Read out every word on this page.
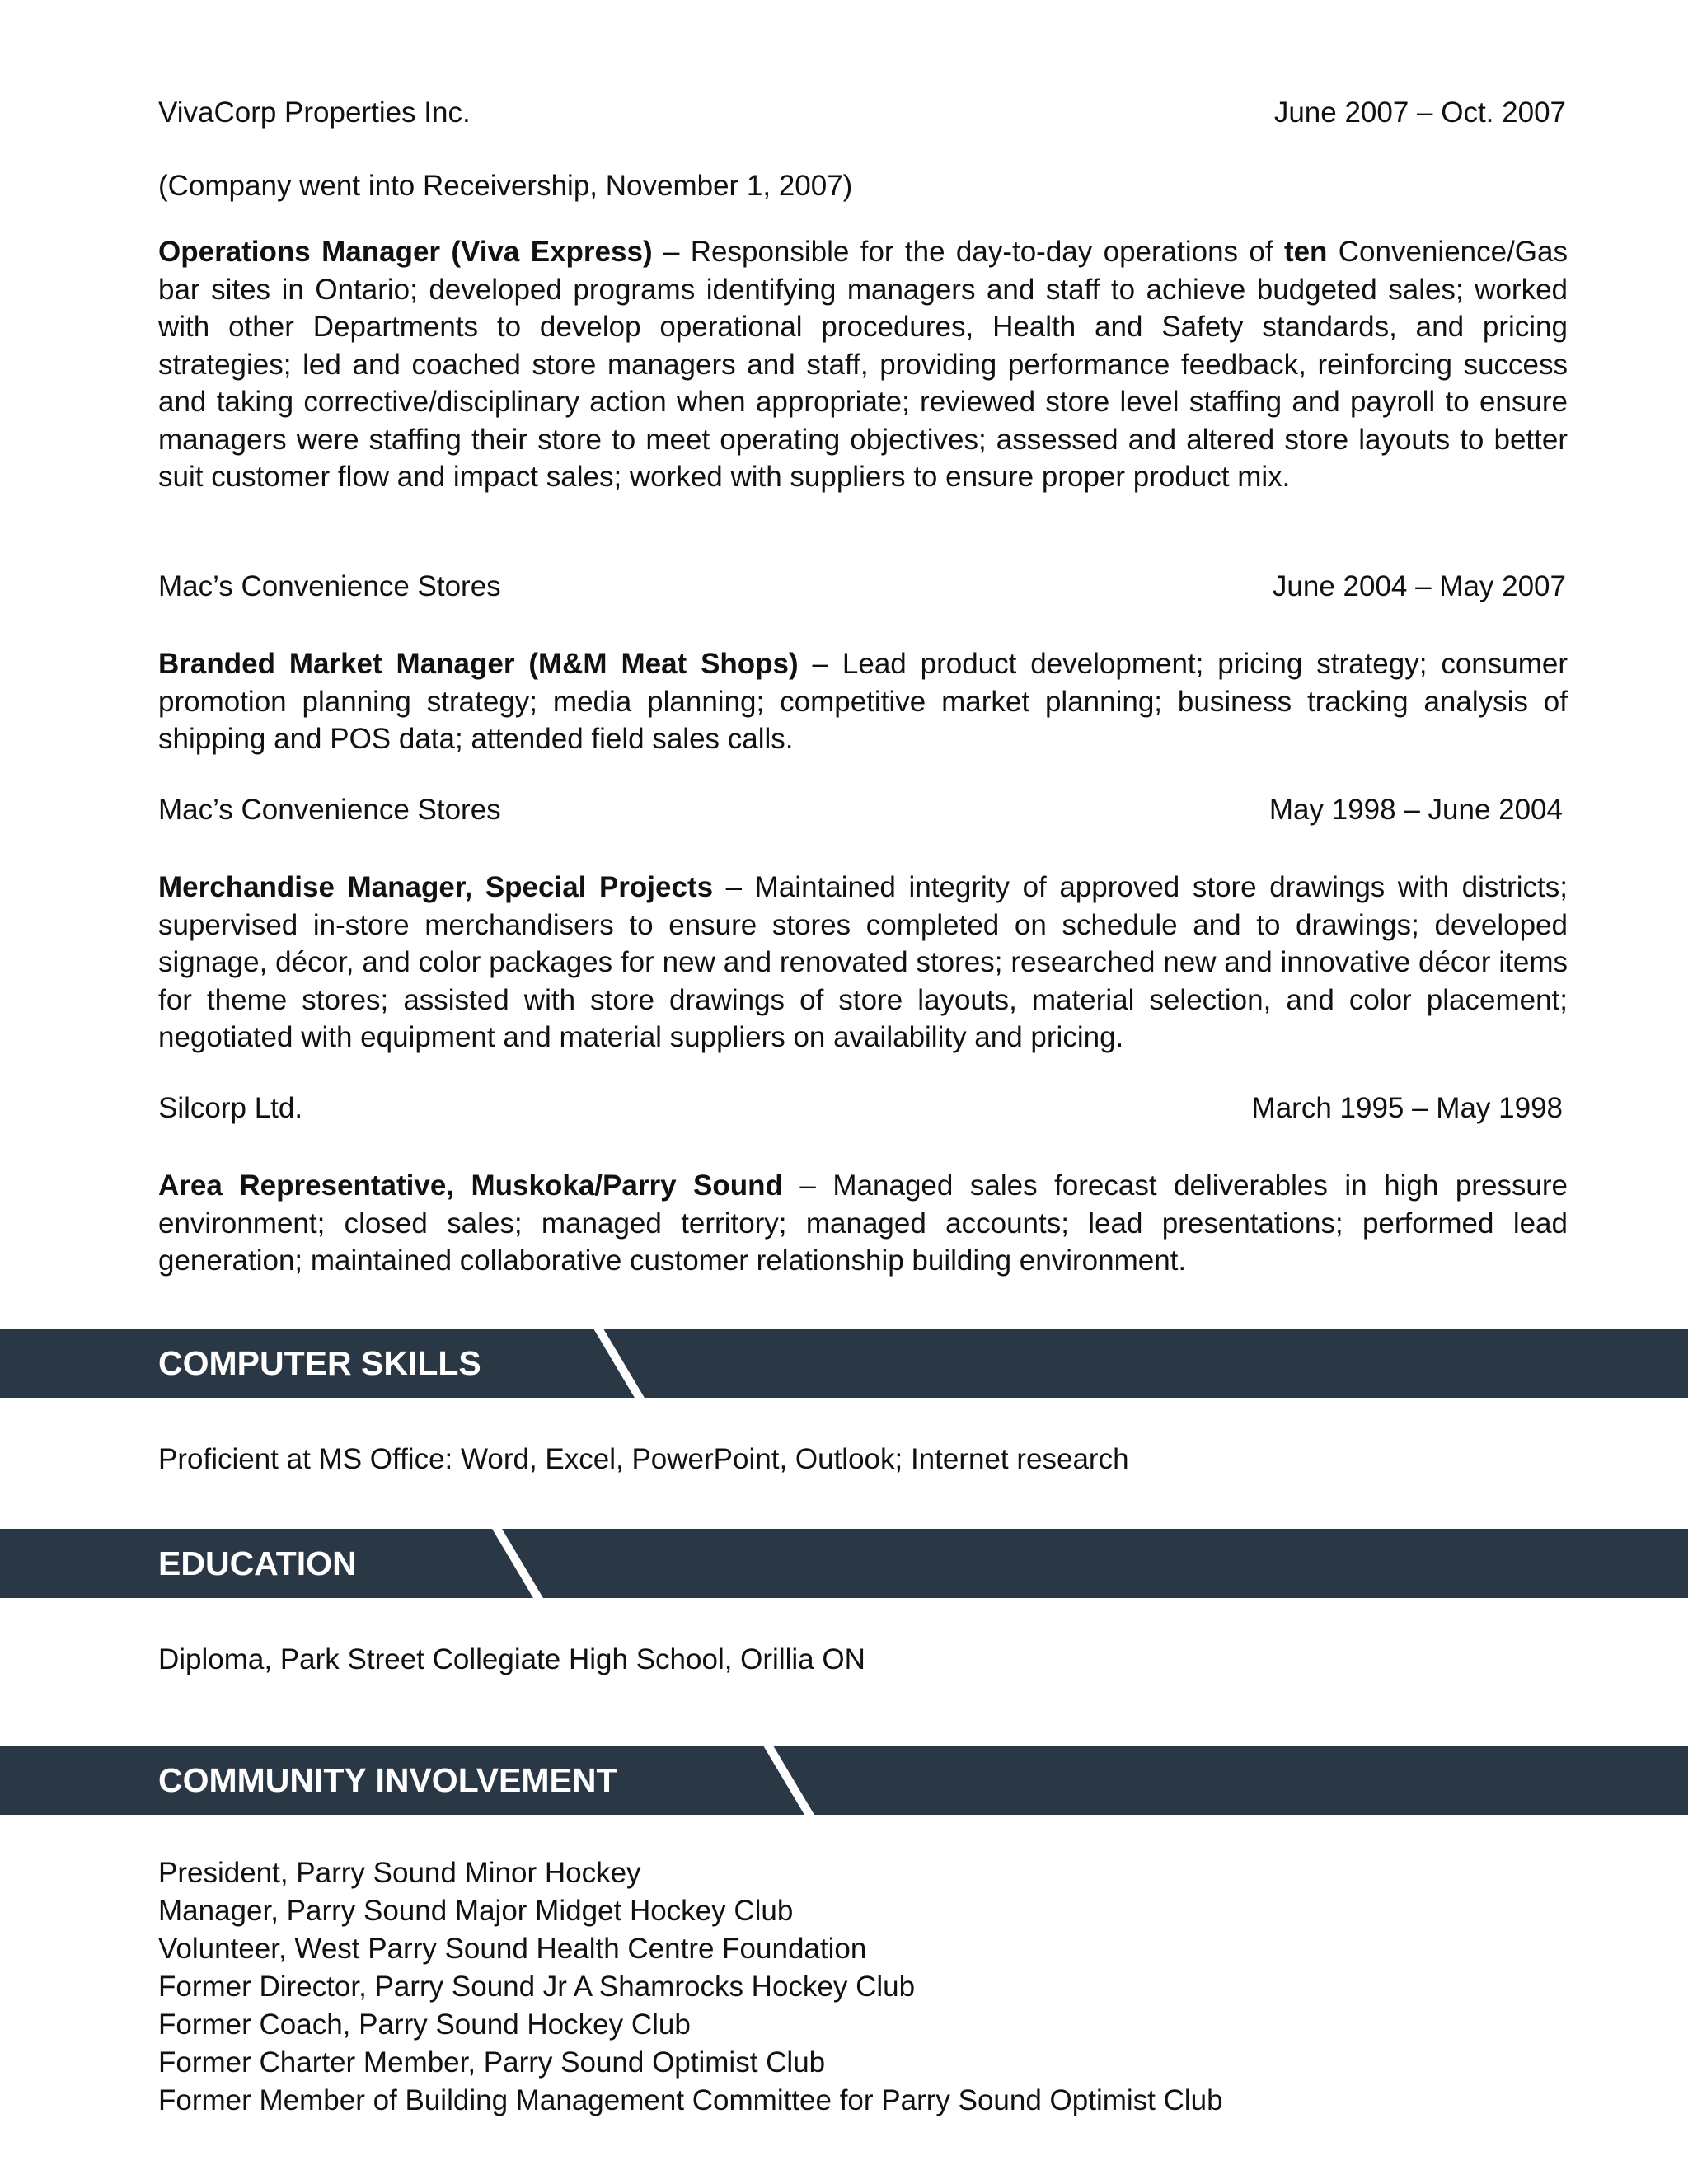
VivaCorp Properties Inc.	June 2007 – Oct. 2007
(Company went into Receivership, November 1, 2007)
Operations Manager (Viva Express) – Responsible for the day-to-day operations of ten Convenience/Gas bar sites in Ontario; developed programs identifying managers and staff to achieve budgeted sales; worked with other Departments to develop operational procedures, Health and Safety standards, and pricing strategies; led and coached store managers and staff, providing performance feedback, reinforcing success and taking corrective/disciplinary action when appropriate; reviewed store level staffing and payroll to ensure managers were staffing their store to meet operating objectives; assessed and altered store layouts to better suit customer flow and impact sales; worked with suppliers to ensure proper product mix.
Mac’s Convenience Stores	June 2004 – May 2007
Branded Market Manager (M&M Meat Shops) – Lead product development; pricing strategy; consumer promotion planning strategy; media planning; competitive market planning; business tracking analysis of shipping and POS data; attended field sales calls.
Mac’s Convenience Stores	May 1998 – June 2004
Merchandise Manager, Special Projects – Maintained integrity of approved store drawings with districts; supervised in-store merchandisers to ensure stores completed on schedule and to drawings; developed signage, décor, and color packages for new and renovated stores; researched new and innovative décor items for theme stores; assisted with store drawings of store layouts, material selection, and color placement; negotiated with equipment and material suppliers on availability and pricing.
Silcorp Ltd.	March 1995 – May 1998
Area Representative, Muskoka/Parry Sound – Managed sales forecast deliverables in high pressure environment; closed sales; managed territory; managed accounts; lead presentations; performed lead generation; maintained collaborative customer relationship building environment.
COMPUTER SKILLS
Proficient at MS Office: Word, Excel, PowerPoint, Outlook; Internet research
EDUCATION
Diploma, Park Street Collegiate High School, Orillia ON
COMMUNITY INVOLVEMENT
President, Parry Sound Minor Hockey
Manager, Parry Sound Major Midget Hockey Club
Volunteer, West Parry Sound Health Centre Foundation
Former Director, Parry Sound Jr A Shamrocks Hockey Club
Former Coach, Parry Sound Hockey Club
Former Charter Member, Parry Sound Optimist Club
Former Member of Building Management Committee for Parry Sound Optimist Club
